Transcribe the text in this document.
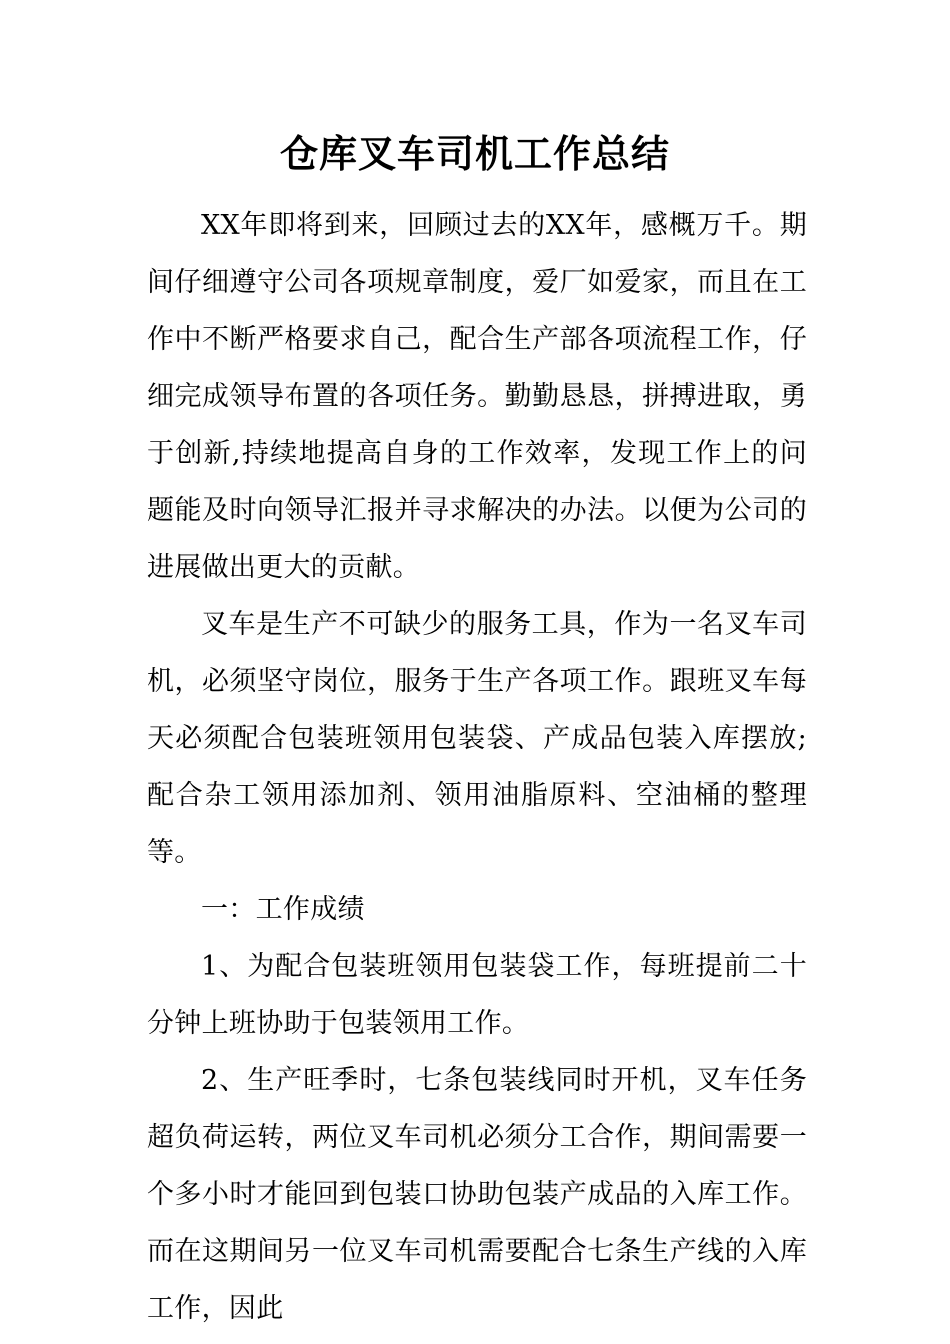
仓库叉车司机工作总结

XX年即将到来，回顾过去的XX年，感概万千。期间仔细遵守公司各项规章制度，爱厂如爱家，而且在工作中不断严格要求自己，配合生产部各项流程工作，仔细完成领导布置的各项任务。勤勤恳恳，拼搏进取，勇于创新,持续地提高自身的工作效率，发现工作上的问题能及时向领导汇报并寻求解决的办法。以便为公司的进展做出更大的贡献。

叉车是生产不可缺少的服务工具，作为一名叉车司机，必须坚守岗位，服务于生产各项工作。跟班叉车每天必须配合包装班领用包装袋、产成品包装入库摆放;配合杂工领用添加剂、领用油脂原料、空油桶的整理等。

一：工作成绩

1、为配合包装班领用包装袋工作，每班提前二十分钟上班协助于包装领用工作。

2、生产旺季时，七条包装线同时开机，叉车任务超负荷运转，两位叉车司机必须分工合作，期间需要一个多小时才能回到包装口协助包装产成品的入库工作。而在这期间另一位叉车司机需要配合七条生产线的入库工作，因此
